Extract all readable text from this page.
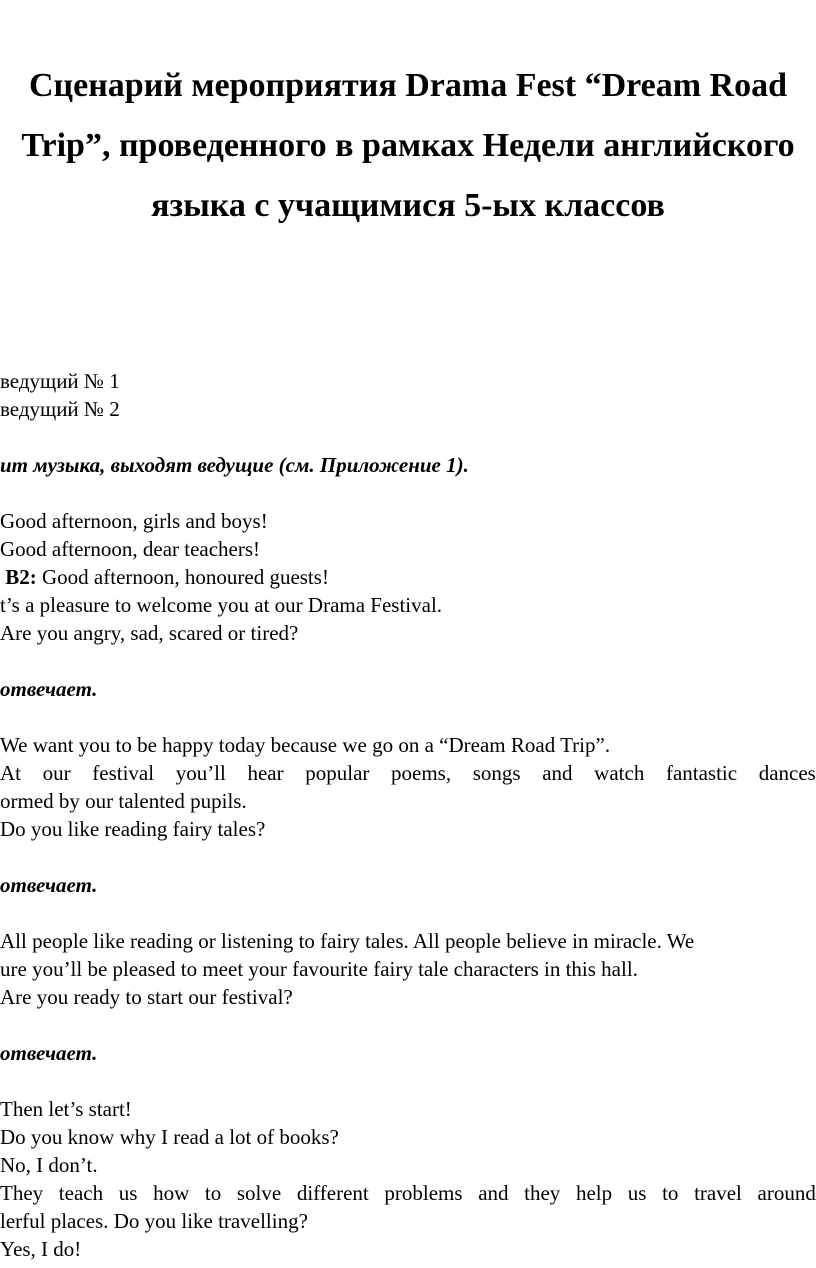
Сценарий мероприятия Drama Fest “Dream Road
Trip”, проведенного в рамках Недели английского
языка с учащимися 5-ых классов

ведущий № 1

ведущий № 2

ит музыка, выходят ведущие (см. Приложение 1).

Good afternoon, girls and boys!

Good afternoon, dear teachers!

B2: Good afternoon, honoured guests!

t’s a pleasure to welcome you at our Drama Festival.

Are you angry, sad, scared or tired?

отвечает.

We want you to be happy today because we go on a “Dream Road Trip”.

At our festival you’ll hear popular poems, songs and watch fantastic dances

ormed by our talented pupils.

Do you like reading fairy tales?

отвечает.

All people like reading or listening to fairy tales. All people believe in miracle. We

ure you’ll be pleased to meet your favourite fairy tale characters in this hall.

Are you ready to start our festival?

отвечает.

Then let’s start!

Do you know why I read a lot of books?

No, I don’t.

They teach us how to solve different problems and they help us to travel around

lerful places. Do you like travelling?

Yes, I do!
